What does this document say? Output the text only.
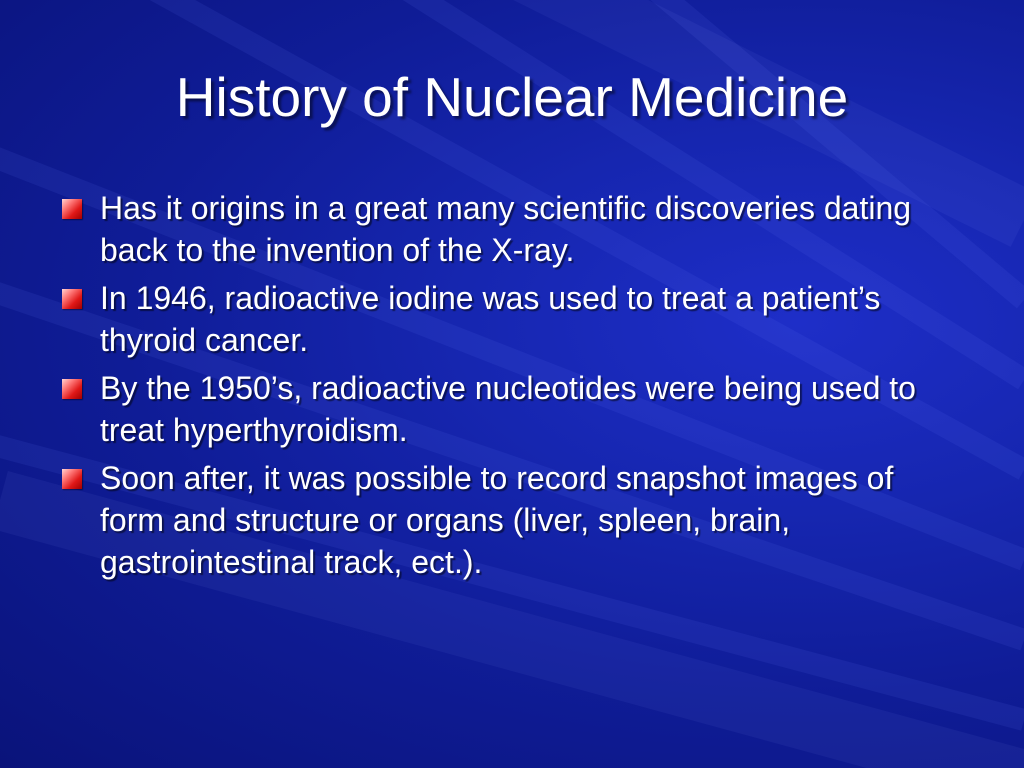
History of Nuclear Medicine
Has it origins in a great many scientific discoveries dating back to the invention of the X-ray.
In 1946, radioactive iodine was used to treat a patient’s thyroid cancer.
By the 1950’s, radioactive nucleotides were being used to treat hyperthyroidism.
Soon after, it was possible to record snapshot images of form and structure or organs (liver, spleen, brain, gastrointestinal track, ect.).
